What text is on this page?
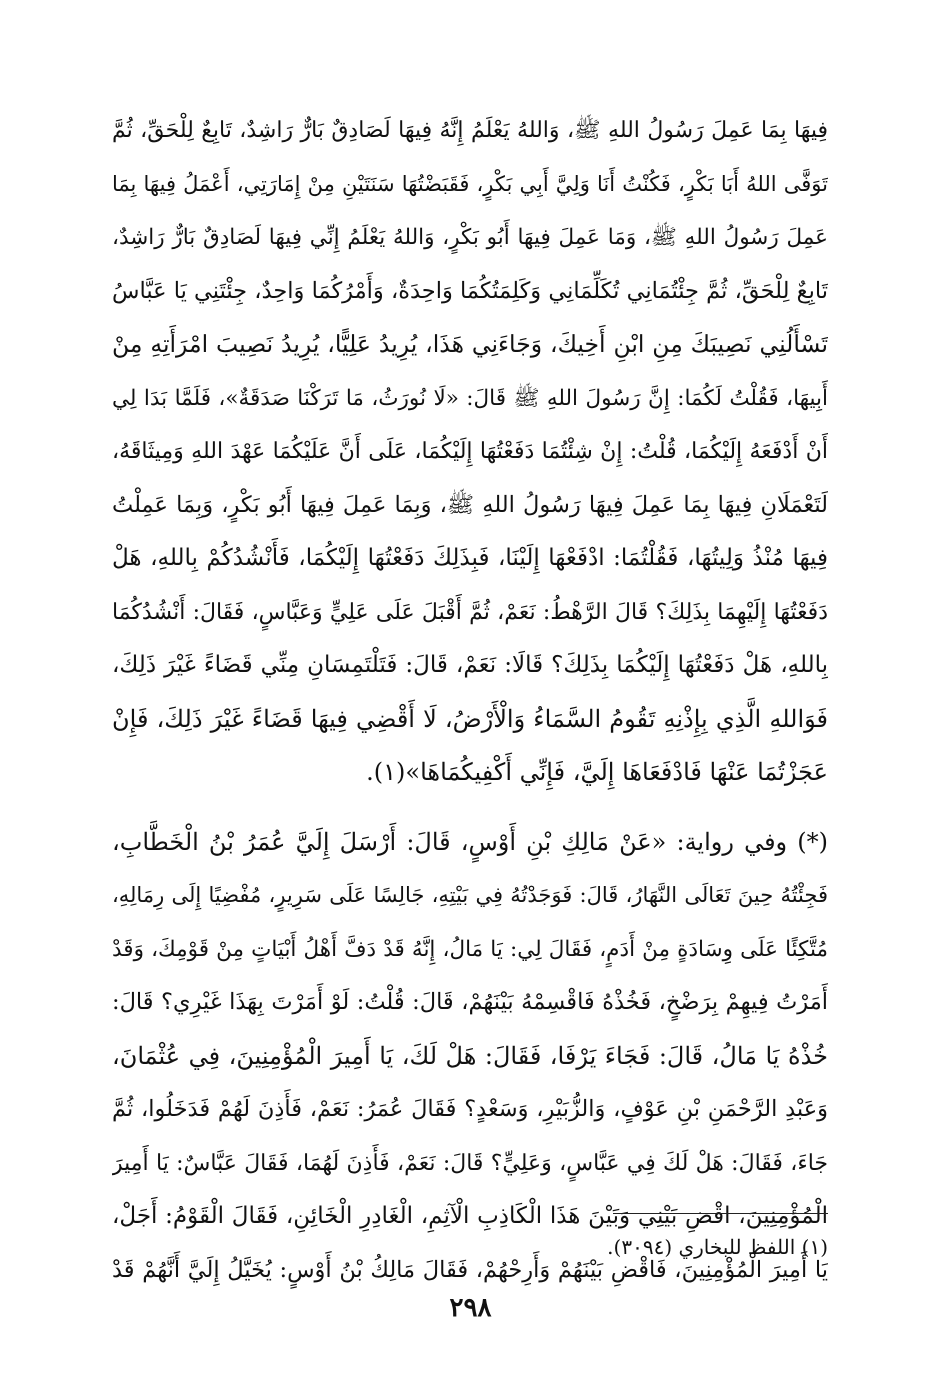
فِيهَا بِمَا عَمِلَ رَسُولُ اللهِ ﷺ، وَاللهُ يَعْلَمُ إِنَّهُ فِيهَا لَصَادِقٌ بَارٌّ رَاشِدٌ، تَابِعٌ لِلْحَقِّ، ثُمَّ
تَوَفَّى اللهُ أَبَا بَكْرٍ، فَكُنْتُ أَنَا وَلِيَّ أَبِي بَكْرٍ، فَقَبَضْتُهَا سَنَتَيْنِ مِنْ إِمَارَتِي، أَعْمَلُ فِيهَا بِمَا
عَمِلَ رَسُولُ اللهِ ﷺ، وَمَا عَمِلَ فِيهَا أَبُو بَكْرٍ، وَاللهُ يَعْلَمُ إِنِّي فِيهَا لَصَادِقٌ بَارٌّ رَاشِدٌ،
تَابِعٌ لِلْحَقِّ، ثُمَّ جِئْتُمَانِي تُكَلِّمَانِي وَكَلِمَتُكُمَا وَاحِدَةٌ، وَأَمْرُكُمَا وَاحِدٌ، جِئْتَنِي يَا عَبَّاسُ
تَسْأَلُنِي نَصِيبَكَ مِنِ ابْنِ أَخِيكَ، وَجَاءَنِي هَذَا، يُرِيدُ عَلِيًّا، يُرِيدُ نَصِيبَ امْرَأَتِهِ مِنْ
أَبِيهَا، فَقُلْتُ لَكُمَا: إِنَّ رَسُولَ اللهِ ﷺ قَالَ: «لَا نُورَثُ، مَا تَرَكْنَا صَدَقَةٌ»، فَلَمَّا بَدَا لِي
أَنْ أَدْفَعَهُ إِلَيْكُمَا، قُلْتُ: إِنْ شِئْتُمَا دَفَعْتُهَا إِلَيْكُمَا، عَلَى أَنَّ عَلَيْكُمَا عَهْدَ اللهِ وَمِيثَاقَهُ،
لَتَعْمَلَانِ فِيهَا بِمَا عَمِلَ فِيهَا رَسُولُ اللهِ ﷺ، وَبِمَا عَمِلَ فِيهَا أَبُو بَكْرٍ، وَبِمَا عَمِلْتُ
فِيهَا مُنْذُ وَلِيتُهَا، فَقُلْتُمَا: ادْفَعْهَا إِلَيْنَا، فَبِذَلِكَ دَفَعْتُهَا إِلَيْكُمَا، فَأَنْشُدُكُمْ بِاللهِ، هَلْ
دَفَعْتُهَا إِلَيْهِمَا بِذَلِكَ؟ قَالَ الرَّهْطُ: نَعَمْ، ثُمَّ أَقْبَلَ عَلَى عَلِيٍّ وَعَبَّاسٍ، فَقَالَ: أَنْشُدُكُمَا
بِاللهِ، هَلْ دَفَعْتُهَا إِلَيْكُمَا بِذَلِكَ؟ قَالَا: نَعَمْ، قَالَ: فَتَلْتَمِسَانِ مِنِّي قَضَاءً غَيْرَ ذَلِكَ،
فَوَاللهِ الَّذِي بِإِذْنِهِ تَقُومُ السَّمَاءُ وَالْأَرْضُ، لَا أَقْضِي فِيهَا قَضَاءً غَيْرَ ذَلِكَ، فَإِنْ
عَجَزْتُمَا عَنْهَا فَادْفَعَاهَا إِلَيَّ، فَإِنِّي أَكْفِيكُمَاهَا»(١).
(*) وفي رواية: «عَنْ مَالِكِ بْنِ أَوْسٍ، قَالَ: أَرْسَلَ إِلَيَّ عُمَرُ بْنُ الْخَطَّابِ،
فَجِئْتُهُ حِينَ تَعَالَى النَّهَارُ، قَالَ: فَوَجَدْتُهُ فِي بَيْتِهِ، جَالِسًا عَلَى سَرِيرٍ، مُفْضِيًا إِلَى رِمَالِهِ،
مُتَّكِئًا عَلَى وِسَادَةٍ مِنْ أَدَمٍ، فَقَالَ لِي: يَا مَالُ، إِنَّهُ قَدْ دَفَّ أَهْلُ أَبْيَاتٍ مِنْ قَوْمِكَ، وَقَدْ
أَمَرْتُ فِيهِمْ بِرَضْخٍ، فَخُذْهُ فَاقْسِمْهُ بَيْنَهُمْ، قَالَ: قُلْتُ: لَوْ أَمَرْتَ بِهَذَا غَيْرِي؟ قَالَ:
خُذْهُ يَا مَالُ، قَالَ: فَجَاءَ يَرْفَا، فَقَالَ: هَلْ لَكَ، يَا أَمِيرَ الْمُؤْمِنِينَ، فِي عُثْمَانَ،
وَعَبْدِ الرَّحْمَنِ بْنِ عَوْفٍ، وَالزُّبَيْرِ، وَسَعْدٍ؟ فَقَالَ عُمَرُ: نَعَمْ، فَأَذِنَ لَهُمْ فَدَخَلُوا، ثُمَّ
جَاءَ، فَقَالَ: هَلْ لَكَ فِي عَبَّاسٍ، وَعَلِيٍّ؟ قَالَ: نَعَمْ، فَأَذِنَ لَهُمَا، فَقَالَ عَبَّاسٌ: يَا أَمِيرَ
الْمُؤْمِنِينَ، اقْضِ بَيْنِي وَبَيْنَ هَذَا الْكَاذِبِ الْآثِمِ، الْغَادِرِ الْخَائِنِ، فَقَالَ الْقَوْمُ: أَجَلْ،
يَا أَمِيرَ الْمُؤْمِنِينَ، فَاقْضِ بَيْنَهُمْ وَأَرِحْهُمْ، فَقَالَ مَالِكُ بْنُ أَوْسٍ: يُخَيَّلُ إِلَيَّ أَنَّهُمْ قَدْ
(١) اللفظ للبخاري (٣٠٩٤).
٢٩٨
